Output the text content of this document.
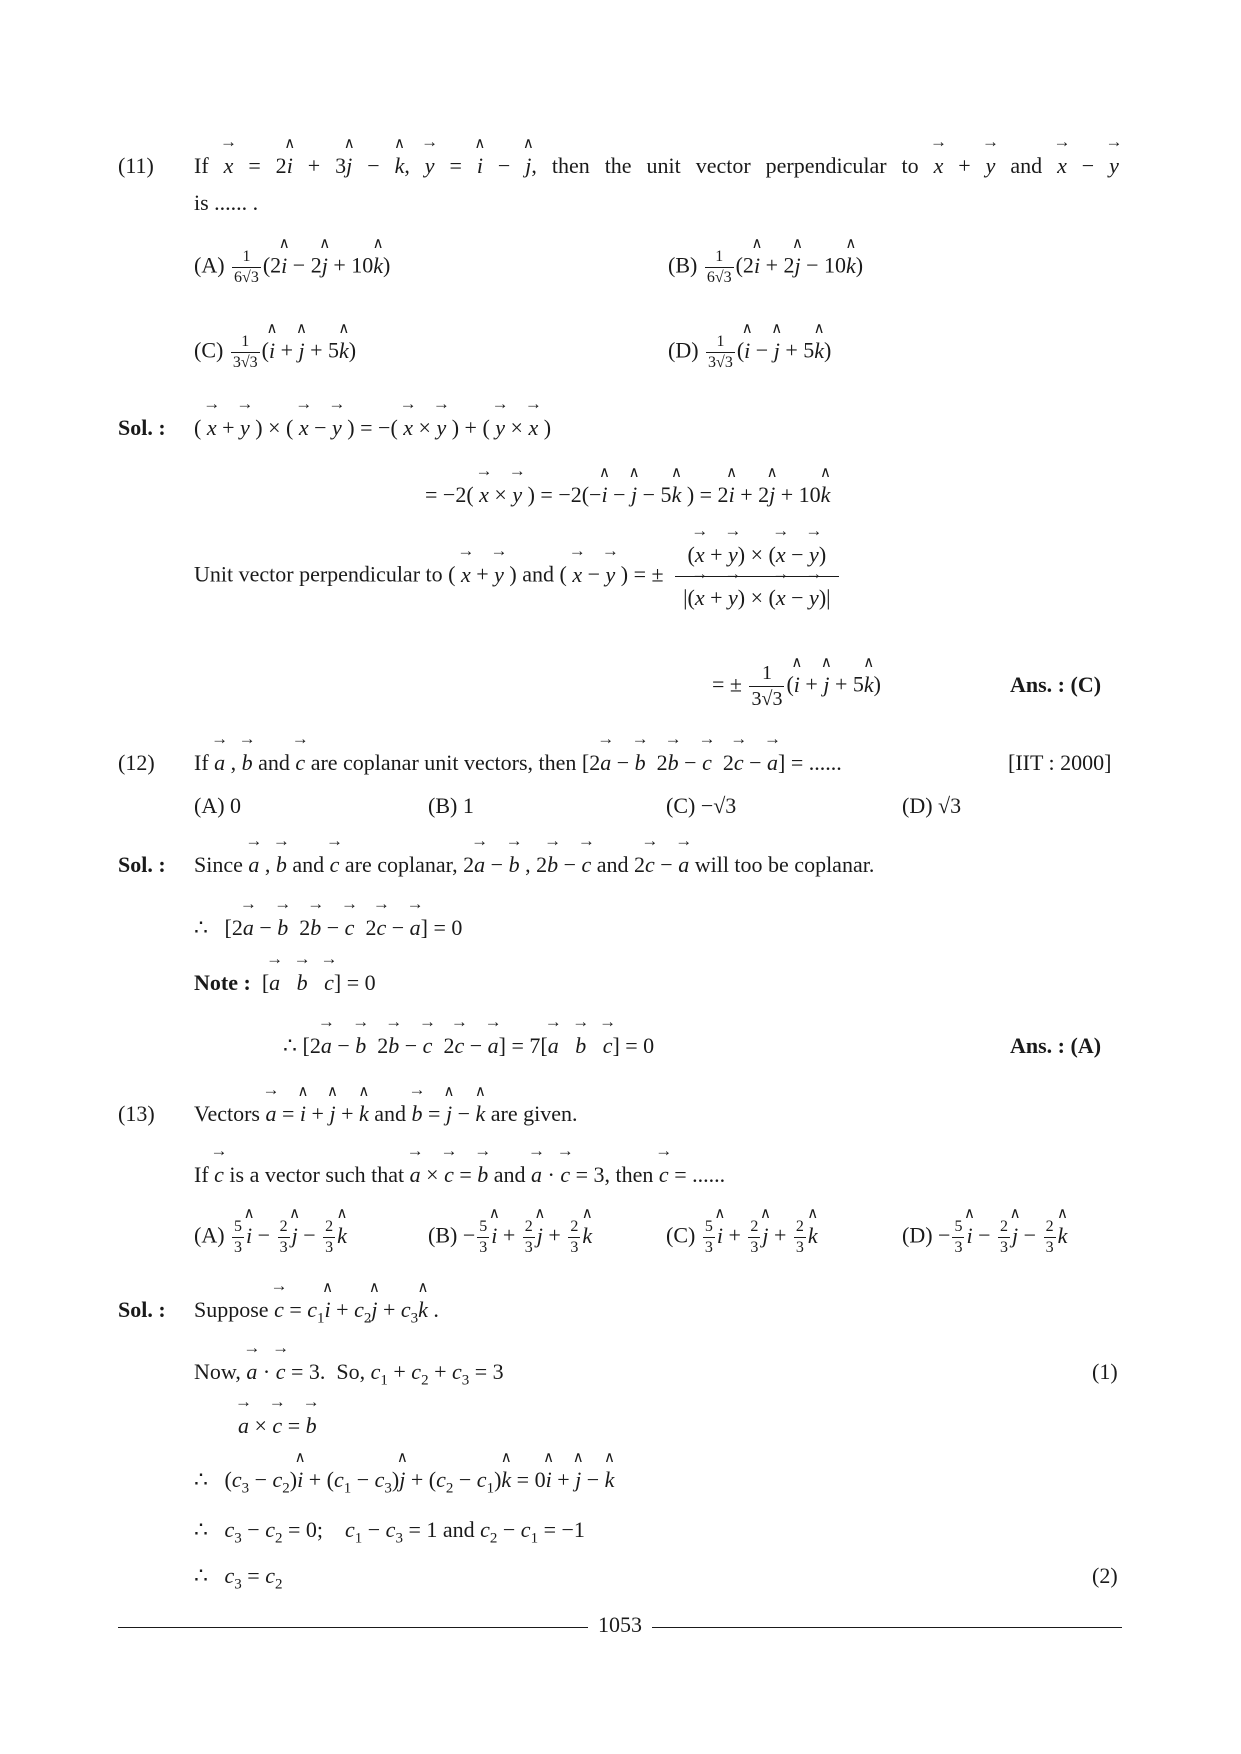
(11) If → x = 2∧ i + 3∧ j − ∧ k, → y = ∧ i − ∧ j, then the unit vector perpendicular to → x + → y and → x − → y
is ...... .
$(A) \frac{1}{6√3}$ (2∧ i − 2∧ j + 10∧ k)	$(B) \frac{1}{6√3}$ (2∧ i + 2∧ j − 10∧ k)
$(C) \frac{1}{3√3}$ (∧ i + ∧ j + 5∧ k)	$(D) \frac{1}{3√3}$ (∧ i − ∧ j + 5∧ k)
Sol. : ( → x + → y ) × ( → x − → y ) = −( → x × → y ) + ( → y × → x )
= −2( → x × → y ) = −2(−∧ i − ∧ j − 5∧ k ) = 2∧ i + 2∧ j + 10∧ k
Unit vector perpendicular to ( → x + → y ) and ( → x − → y ) = ± $\frac{(\to x + \to y) \times (\to x - \to y)}{|(\to x + \to y) \times (\to x - \to y)|}$
= ± $\frac{1}{3√3}$ (∧ i + ∧ j + 5∧ k)	Ans. : (C)
(12) If → a , → b and → c are coplanar unit vectors, then [2→ a − → b  2→ b − → c  2→ c − → a] = ......	[IIT : 2000]
(A) 0	(B) 1	(C) −√3	(D) √3
Sol. : Since → a , → b and → c are coplanar, 2→ a − → b , 2→ b − → c and 2→ c − → a will too be coplanar.
∴   [2→ a − → b  2→ b − → c  2→ c − → a] = 0
Note :  [→ a → b → c] = 0
∴ [2→ a − → b  2→ b − → c  2→ c − → a] = 7[→ a → b → c] = 0	Ans. : (A)
(13) Vectors → a = ∧ i + ∧ j + ∧ k and → b = ∧ j − ∧ k are given.
If → c is a vector such that → a × → c = → b and → a · → c = 3, then → c = ......
$(A) \frac{5}{3}$ ∧ $i - \frac{2}{3}$ ∧ $j - \frac{2}{3}$ ∧ k	$(B) - \frac{5}{3}$ ∧ $i + \frac{2}{3}$ ∧ $j + \frac{2}{3}$ ∧ k	$(C) \frac{5}{3}$ ∧ $i + \frac{2}{3}$ ∧ $j + \frac{2}{3}$ ∧ k	$(D) - \frac{5}{3}$ ∧ $i - \frac{2}{3}$ ∧ $j - \frac{2}{3}$ ∧ k
Sol. : Suppose → $c = c_1\wedge$ $i + c_2\wedge$ $j + c_3\wedge$ k .
Now, → a · → c = 3.  So, $c_1 + c_2 + c_3 = 3$	(1)
→ a × → c = → b
∴   ($c_3$ − $c_2)\wedge$ $i + (c_1$ − $c_3)\wedge$ $j + (c_2$ − $c_1)\wedge$ k = 0∧ i + ∧ j − ∧ k
∴   $c_3 - c_2 = 0$;    $c_1 - c_3 = 1$ and $c_2 - c_1 = -1$
∴   $c_3 = c_2$	(2)
1053
